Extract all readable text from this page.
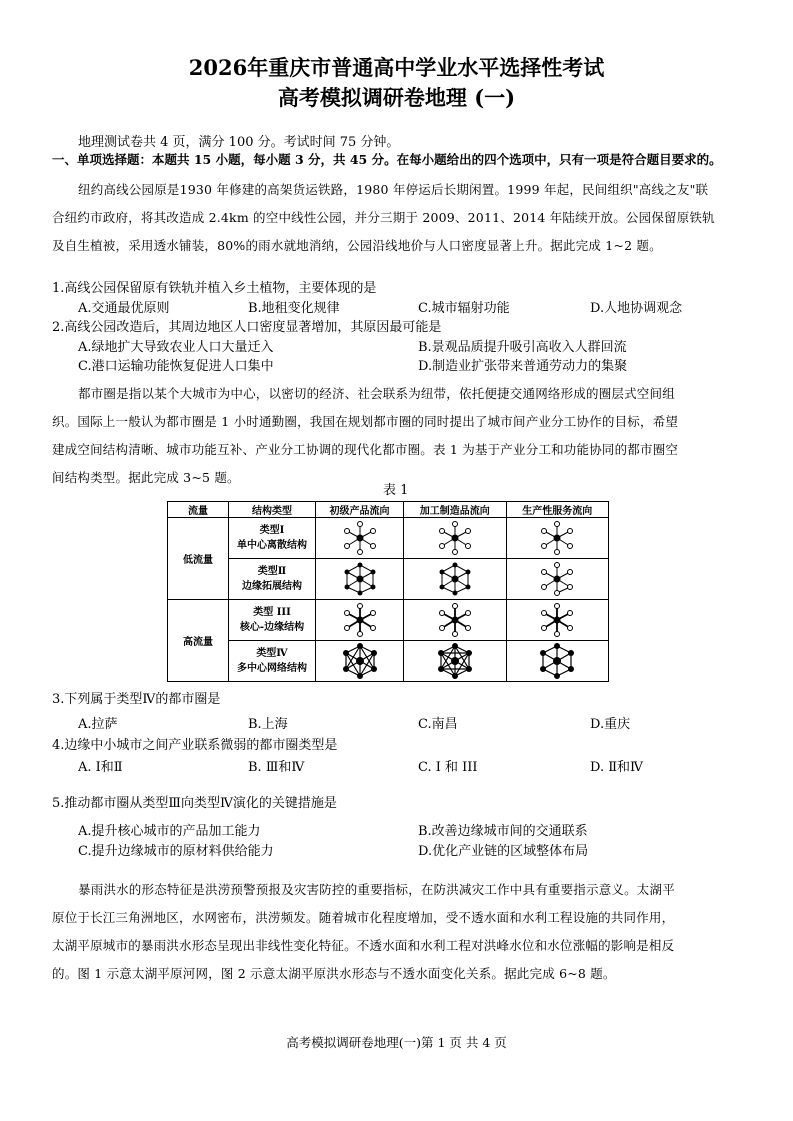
2026年重庆市普通高中学业水平选择性考试
高考模拟调研卷地理 (一)
地理测试卷共 4 页，满分 100 分。考试时间 75 分钟。
一、单项选择题：本题共 15 小题，每小题 3 分，共 45 分。在每小题给出的四个选项中，只有一项是符合题目要求的。
纽约高线公园原是1930 年修建的高架货运铁路，1980 年停运后长期闲置。1999 年起，民间组织"高线之友"联
合纽约市政府，将其改造成 2.4km 的空中线性公园，并分三期于 2009、2011、2014 年陆续开放。公园保留原铁轨
及自生植被，采用透水铺装，80%的雨水就地消纳，公园沿线地价与人口密度显著上升。据此完成 1~2 题。
1.高线公园保留原有铁轨并植入乡土植物，主要体现的是
A.交通最优原则	B.地租变化规律	C.城市辐射功能	D.人地协调观念
2.高线公园改造后，其周边地区人口密度显著增加，其原因最可能是
A.绿地扩大导致农业人口大量迁入	B.景观品质提升吸引高收入人群回流
C.港口运输功能恢复促进人口集中	D.制造业扩张带来普通劳动力的集聚
都市圈是指以某个大城市为中心，以密切的经济、社会联系为纽带，依托便捷交通网络形成的圈层式空间组
织。国际上一般认为都市圈是 1 小时通勤圈，我国在规划都市圈的同时提出了城市间产业分工协作的目标，希望
建成空间结构清晰、城市功能互补、产业分工协调的现代化都市圈。表 1 为基于产业分工和功能协同的都市圈空
间结构类型。据此完成 3~5 题。
表 1
流量	结构类型	初级产品流向	加工制造品流向	生产性服务流向
低流量	类型Ⅰ
单中心离散结构

	类型Ⅱ
边缘拓展结构

高流量	类型 III
核心-边缘结构

	类型Ⅳ
多中心网络结构

3.下列属于类型Ⅳ的都市圈是
A.拉萨	B.上海	C.南昌	D.重庆
4.边缘中小城市之间产业联系微弱的都市圈类型是
A. Ⅰ和Ⅱ	B. Ⅲ和Ⅳ	C. I 和 III	D. Ⅱ和Ⅳ
5.推动都市圈从类型Ⅲ向类型Ⅳ演化的关键措施是
A.提升核心城市的产品加工能力	B.改善边缘城市间的交通联系
C.提升边缘城市的原材料供给能力	D.优化产业链的区域整体布局
暴雨洪水的形态特征是洪涝预警预报及灾害防控的重要指标，在防洪减灾工作中具有重要指示意义。太湖平
原位于长江三角洲地区，水网密布，洪涝频发。随着城市化程度增加，受不透水面和水利工程设施的共同作用，
太湖平原城市的暴雨洪水形态呈现出非线性变化特征。不透水面和水利工程对洪峰水位和水位涨幅的影响是相反
的。图 1 示意太湖平原河网，图 2 示意太湖平原洪水形态与不透水面变化关系。据此完成 6~8 题。
高考模拟调研卷地理(一)第 1 页 共 4 页
